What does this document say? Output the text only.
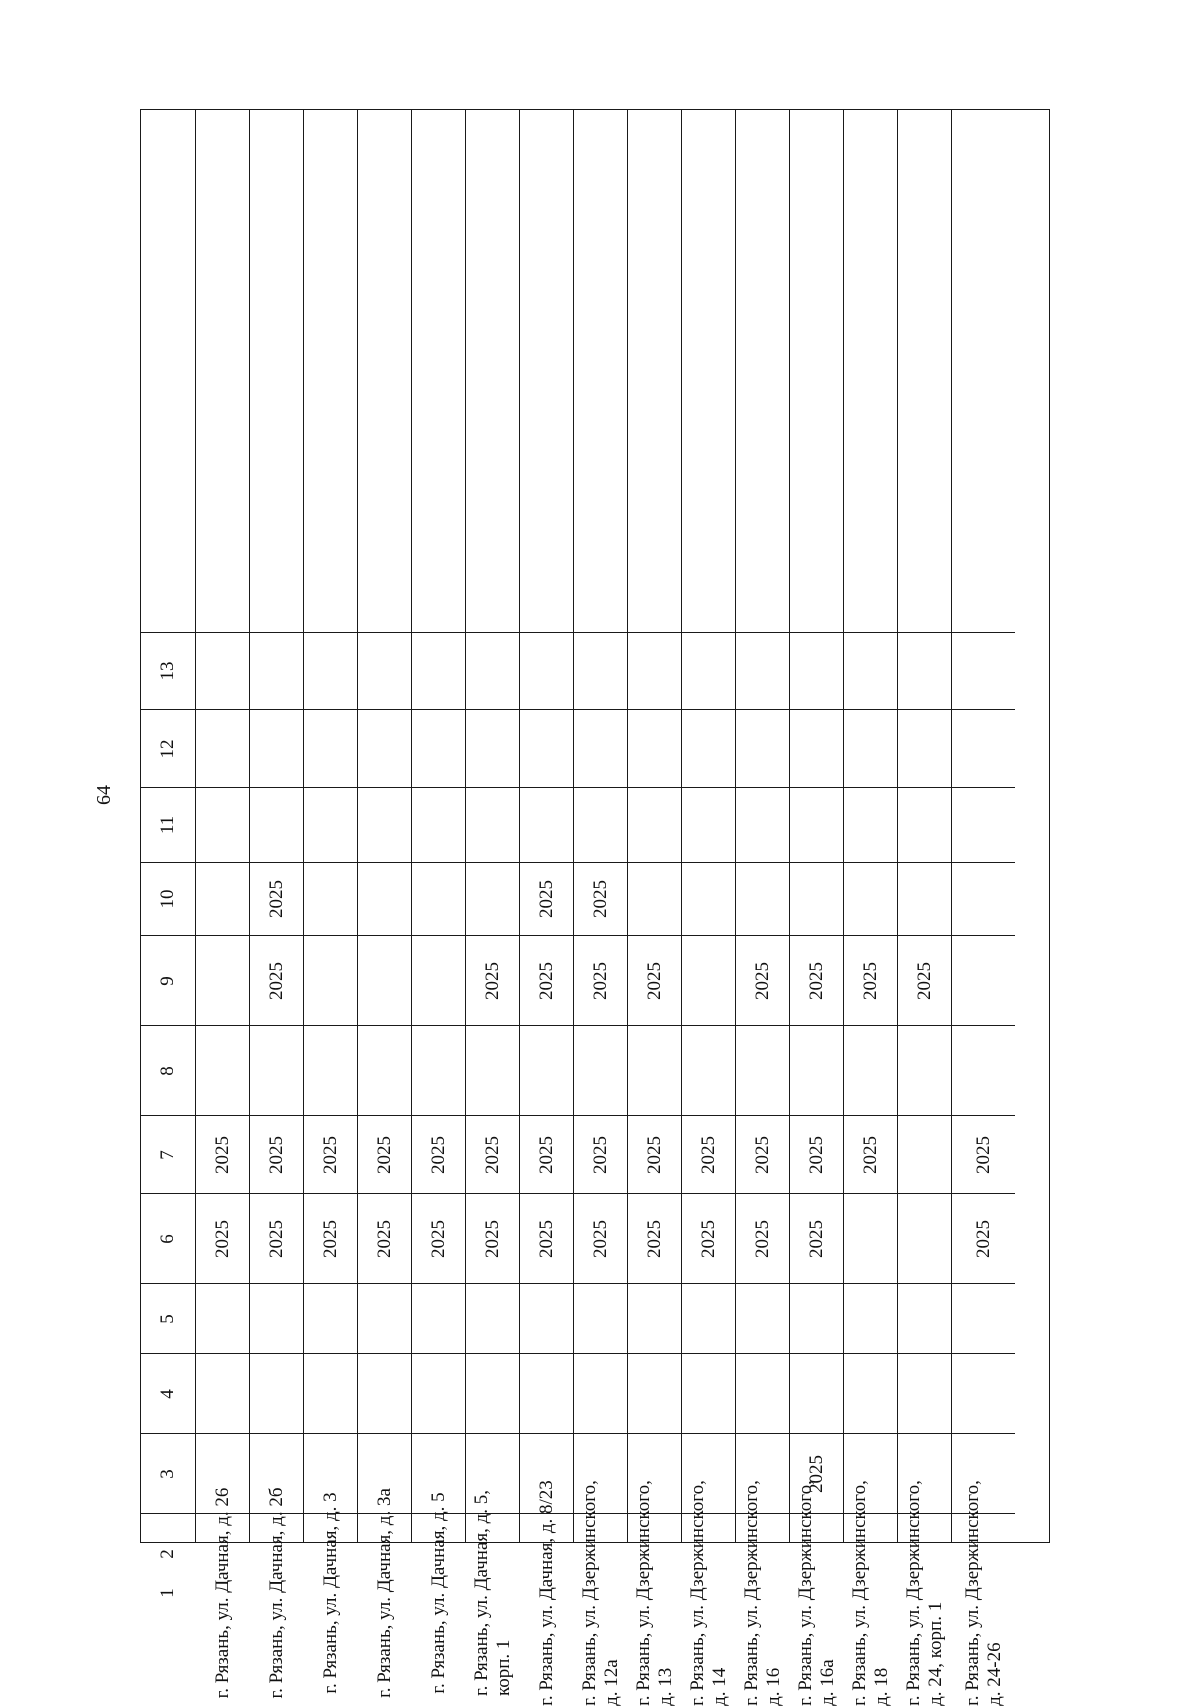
64
1
2
3
4
5
6
7
8
9
10
11
12
13
г. Рязань, ул. Дачная, д. 26
2025
2025
г. Рязань, ул. Дачная, д. 2б
2025
2025
2025
2025
г. Рязань, ул. Дачная, д. 3
2025
2025
г. Рязань, ул. Дачная, д. 3а
2025
2025
г. Рязань, ул. Дачная, д. 5
2025
2025
г. Рязань, ул. Дачная, д. 5, корп. 1
2025
2025
2025
г. Рязань, ул. Дачная, д. 8/23
2025
2025
2025
2025
г. Рязань, ул. Дзержинского, д. 12а
2025
2025
2025
2025
г. Рязань, ул. Дзержинского, д. 13
2025
2025
2025
г. Рязань, ул. Дзержинского, д. 14
2025
2025
г. Рязань, ул. Дзержинского, д. 16
2025
2025
2025
г. Рязань, ул. Дзержинского, д. 16а
2025
2025
2025
2025
г. Рязань, ул. Дзержинского, д. 18
2025
2025
г. Рязань, ул. Дзержинского, д. 24, корп. 1
2025
г. Рязань, ул. Дзержинского, д. 24-26
2025
2025
